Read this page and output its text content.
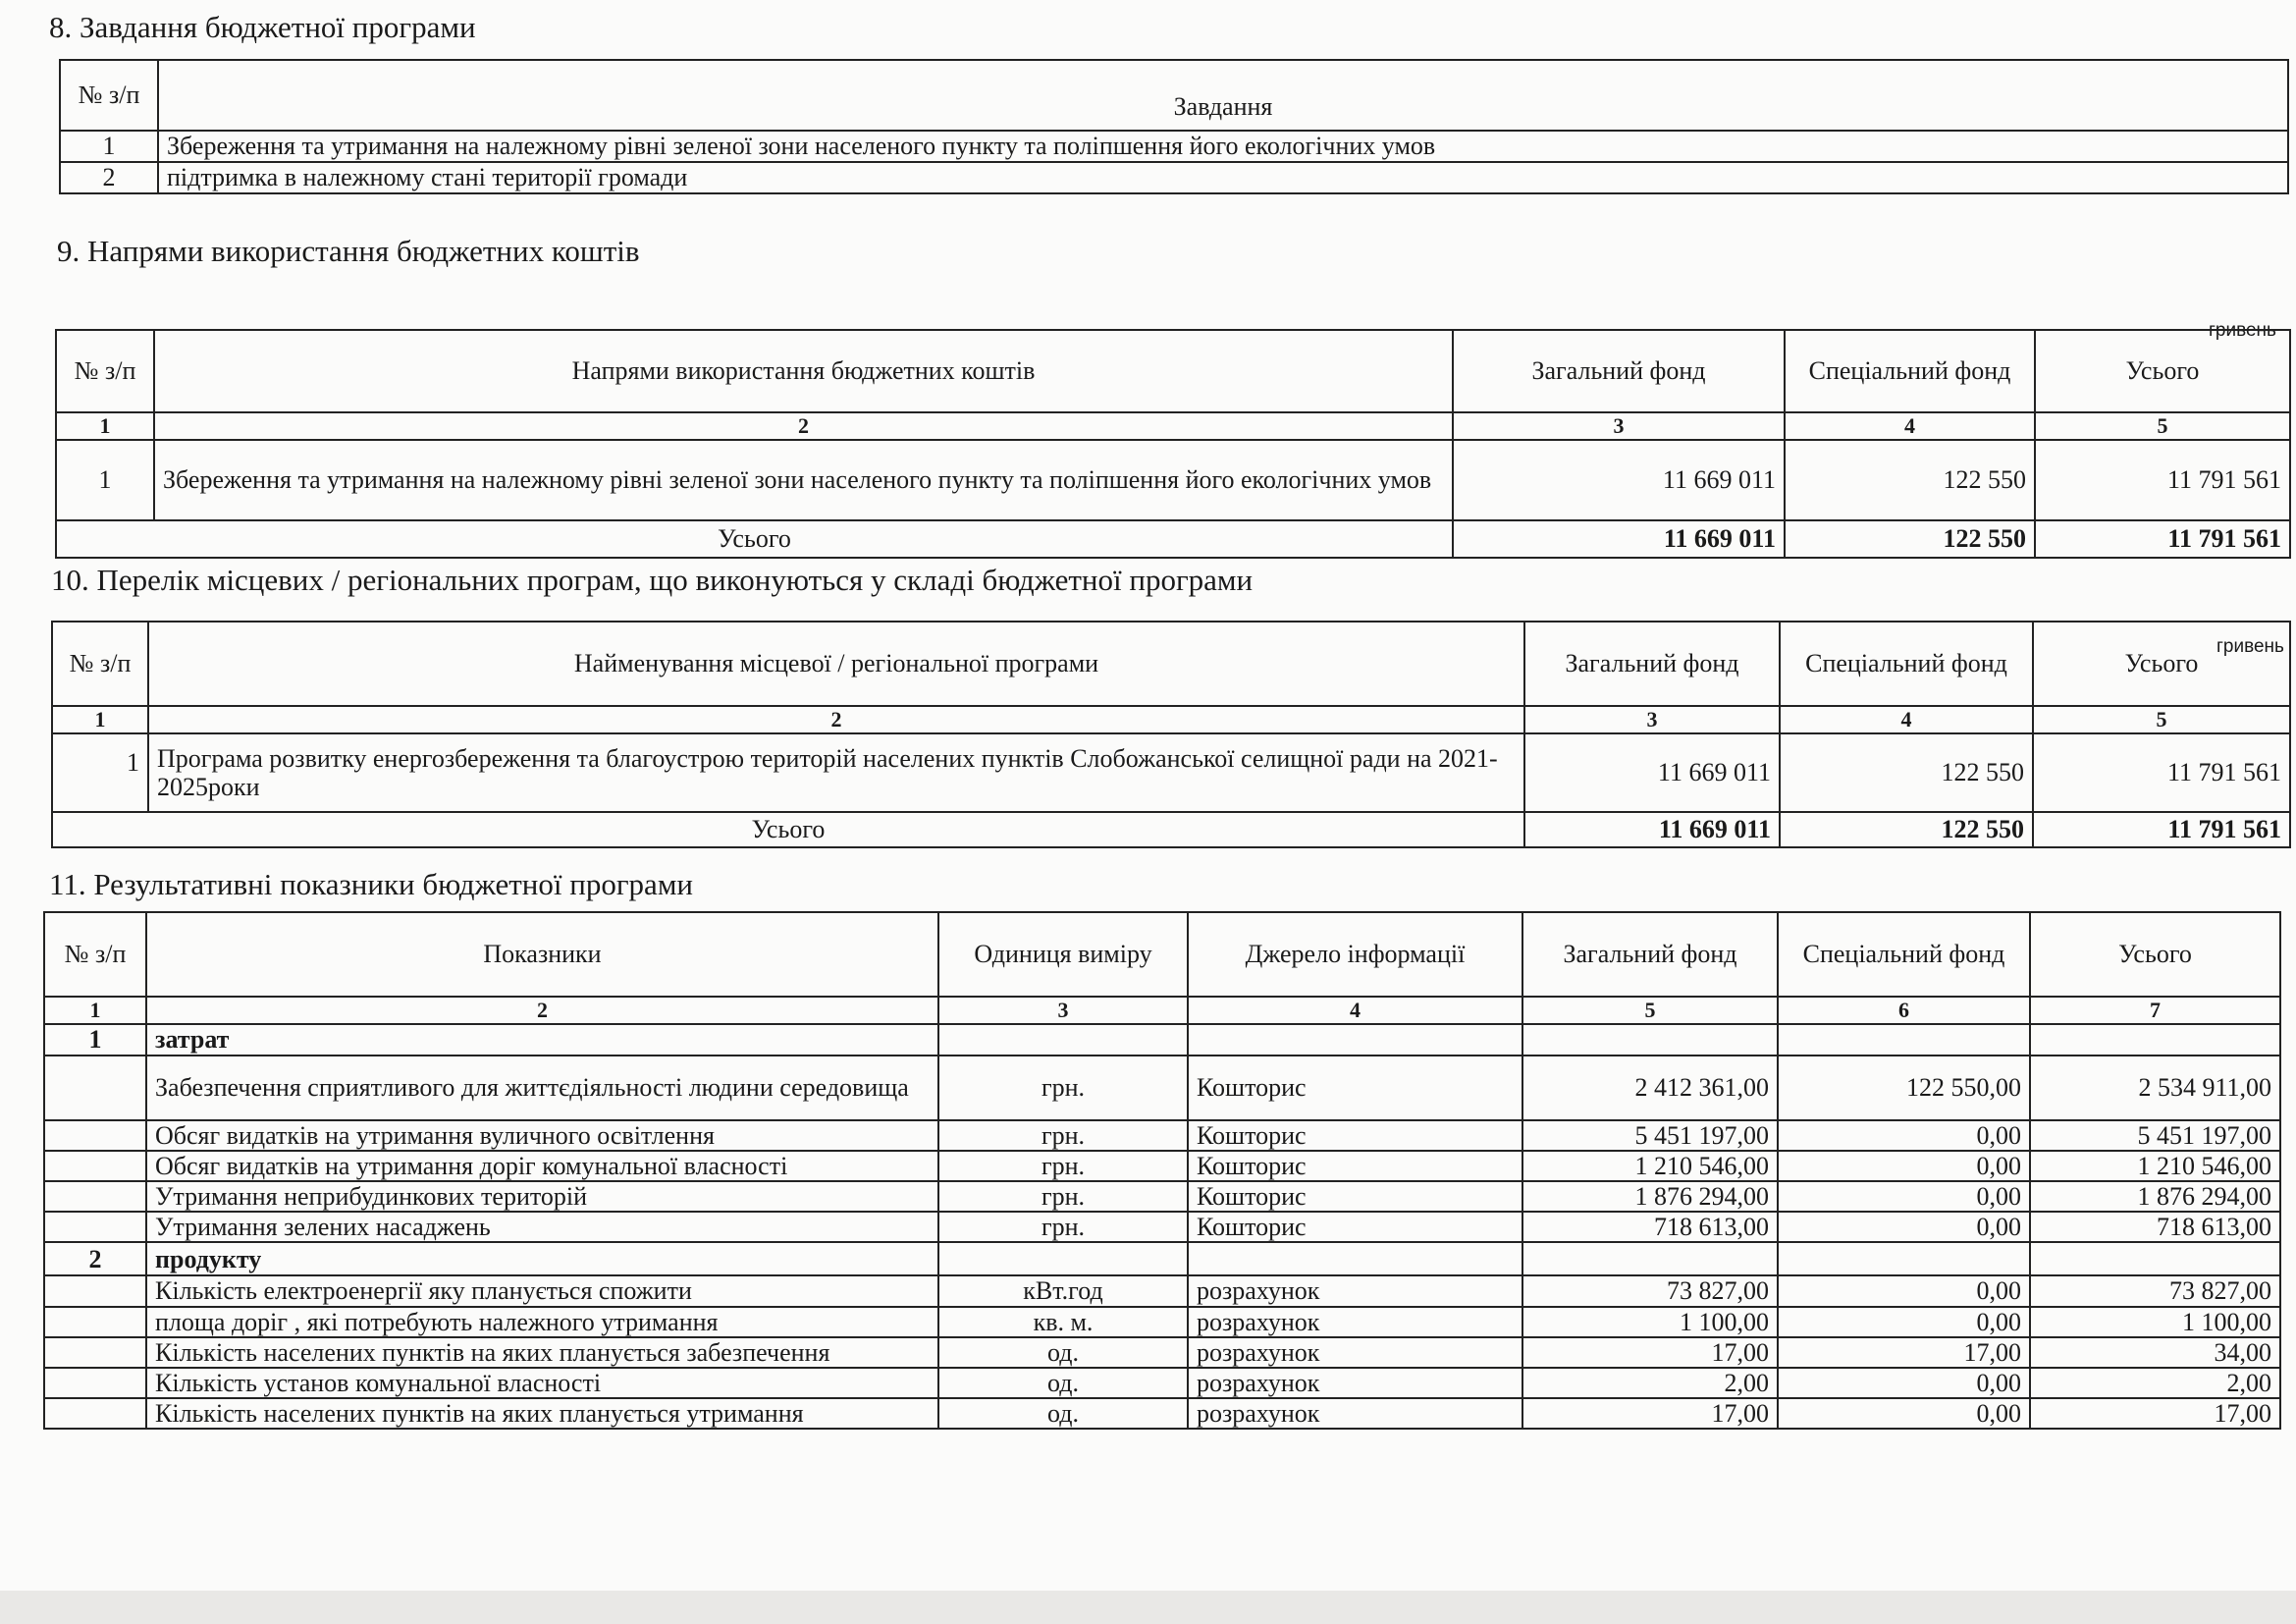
8. Завдання бюджетної програми
№ з/п	Завдання
1	Збереження та утримання на належному рівні зеленої зони населеного пункту та поліпшення його екологічних умов
2	підтримка в належному стані території громади
9. Напрями використання бюджетних коштів
гривень
№ з/п	Напрями використання бюджетних коштів	Загальний фонд	Спеціальний фонд	Усього

1	2	3	4	5
1	Збереження та утримання на належному рівні зеленої зони населеного пункту та поліпшення його екологічних умов	11 669 011	122 550	11 791 561
Усього		11 669 011	122 550	11 791 561
10. Перелік місцевих / регіональних програм, що виконуються у складі бюджетної програми
гривень
№ з/п	Найменування місцевої / регіональної програми	Загальний фонд	Спеціальний фонд	Усього

1	2	3	4	5
1	Програма розвитку енергозбереження та благоустрою територій населених пунктів Слобожанської селищної ради на 2021-2025роки	11 669 011	122 550	11 791 561
Усього		11 669 011	122 550	11 791 561
11. Результативні показники бюджетної програми
№ з/п	Показники	Одиниця виміру	Джерело інформації	Загальний фонд	Спеціальний фонд	Усього

1	2	3	4	5	6	7
1	затрат					
	Забезпечення сприятливого для життєдіяльності людини середовища	грн.	Кошторис	2 412 361,00	122 550,00	2 534 911,00
	Обсяг видатків на утримання вуличного освітлення	грн.	Кошторис	5 451 197,00	0,00	5 451 197,00
	Обсяг видатків на утримання доріг комунальної власності	грн.	Кошторис	1 210 546,00	0,00	1 210 546,00
	Утримання неприбудинкових територій	грн.	Кошторис	1 876 294,00	0,00	1 876 294,00
	Утримання зелених насаджень	грн.	Кошторис	718 613,00	0,00	718 613,00
2	продукту					
	Кількість електроенергії яку планується спожити	кВт.год	розрахунок	73 827,00	0,00	73 827,00
	площа доріг , які потребують належного утримання	кв. м.	розрахунок	1 100,00	0,00	1 100,00
	Кількість населених пунктів на яких планується забезпечення	од.	розрахунок	17,00	17,00	34,00
	Кількість установ комунальної власності	од.	розрахунок	2,00	0,00	2,00
	Кількість населених пунктів на яких планується утримання	од.	розрахунок	17,00	0,00	17,00
